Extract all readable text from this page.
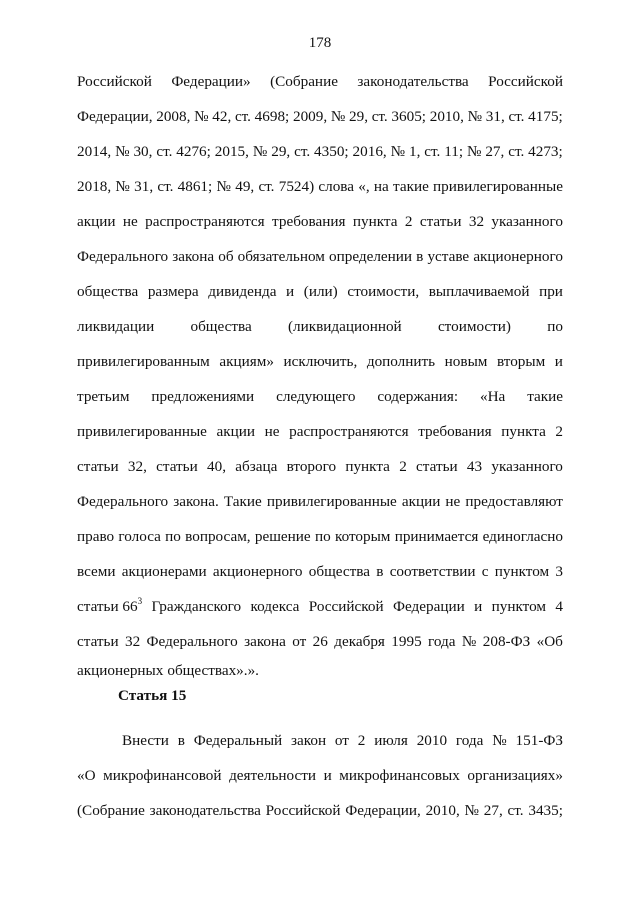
178
Российской Федерации» (Собрание законодательства Российской
Федерации, 2008, № 42, ст. 4698; 2009, № 29, ст. 3605; 2010, № 31, ст. 4175;
2014, № 30, ст. 4276; 2015, № 29, ст. 4350; 2016, № 1, ст. 11; № 27, ст. 4273;
2018, № 31, ст. 4861; № 49, ст. 7524) слова «, на такие привилегированные
акции не распространяются требования пункта 2 статьи 32 указанного
Федерального закона об обязательном определении в уставе акционерного
общества размера дивиденда и (или) стоимости, выплачиваемой при
ликвидации общества (ликвидационной стоимости) по
привилегированным акциям» исключить, дополнить новым вторым и
третьим предложениями следующего содержания: «На такие
привилегированные акции не распространяются требования пункта 2
статьи 32, статьи 40, абзаца второго пункта 2 статьи 43 указанного
Федерального закона. Такие привилегированные акции не предоставляют
право голоса по вопросам, решение по которым принимается единогласно
всеми акционерами акционерного общества в соответствии с пунктом 3
статьи $66^3$ Гражданского кодекса Российской Федерации и пунктом 4
статьи 32 Федерального закона от 26 декабря 1995 года № 208-ФЗ «Об
акционерных обществах».».
Статья 15
Внести в Федеральный закон от 2 июля 2010 года № 151-ФЗ
«О микрофинансовой деятельности и микрофинансовых организациях»
(Собрание законодательства Российской Федерации, 2010, № 27, ст. 3435;
